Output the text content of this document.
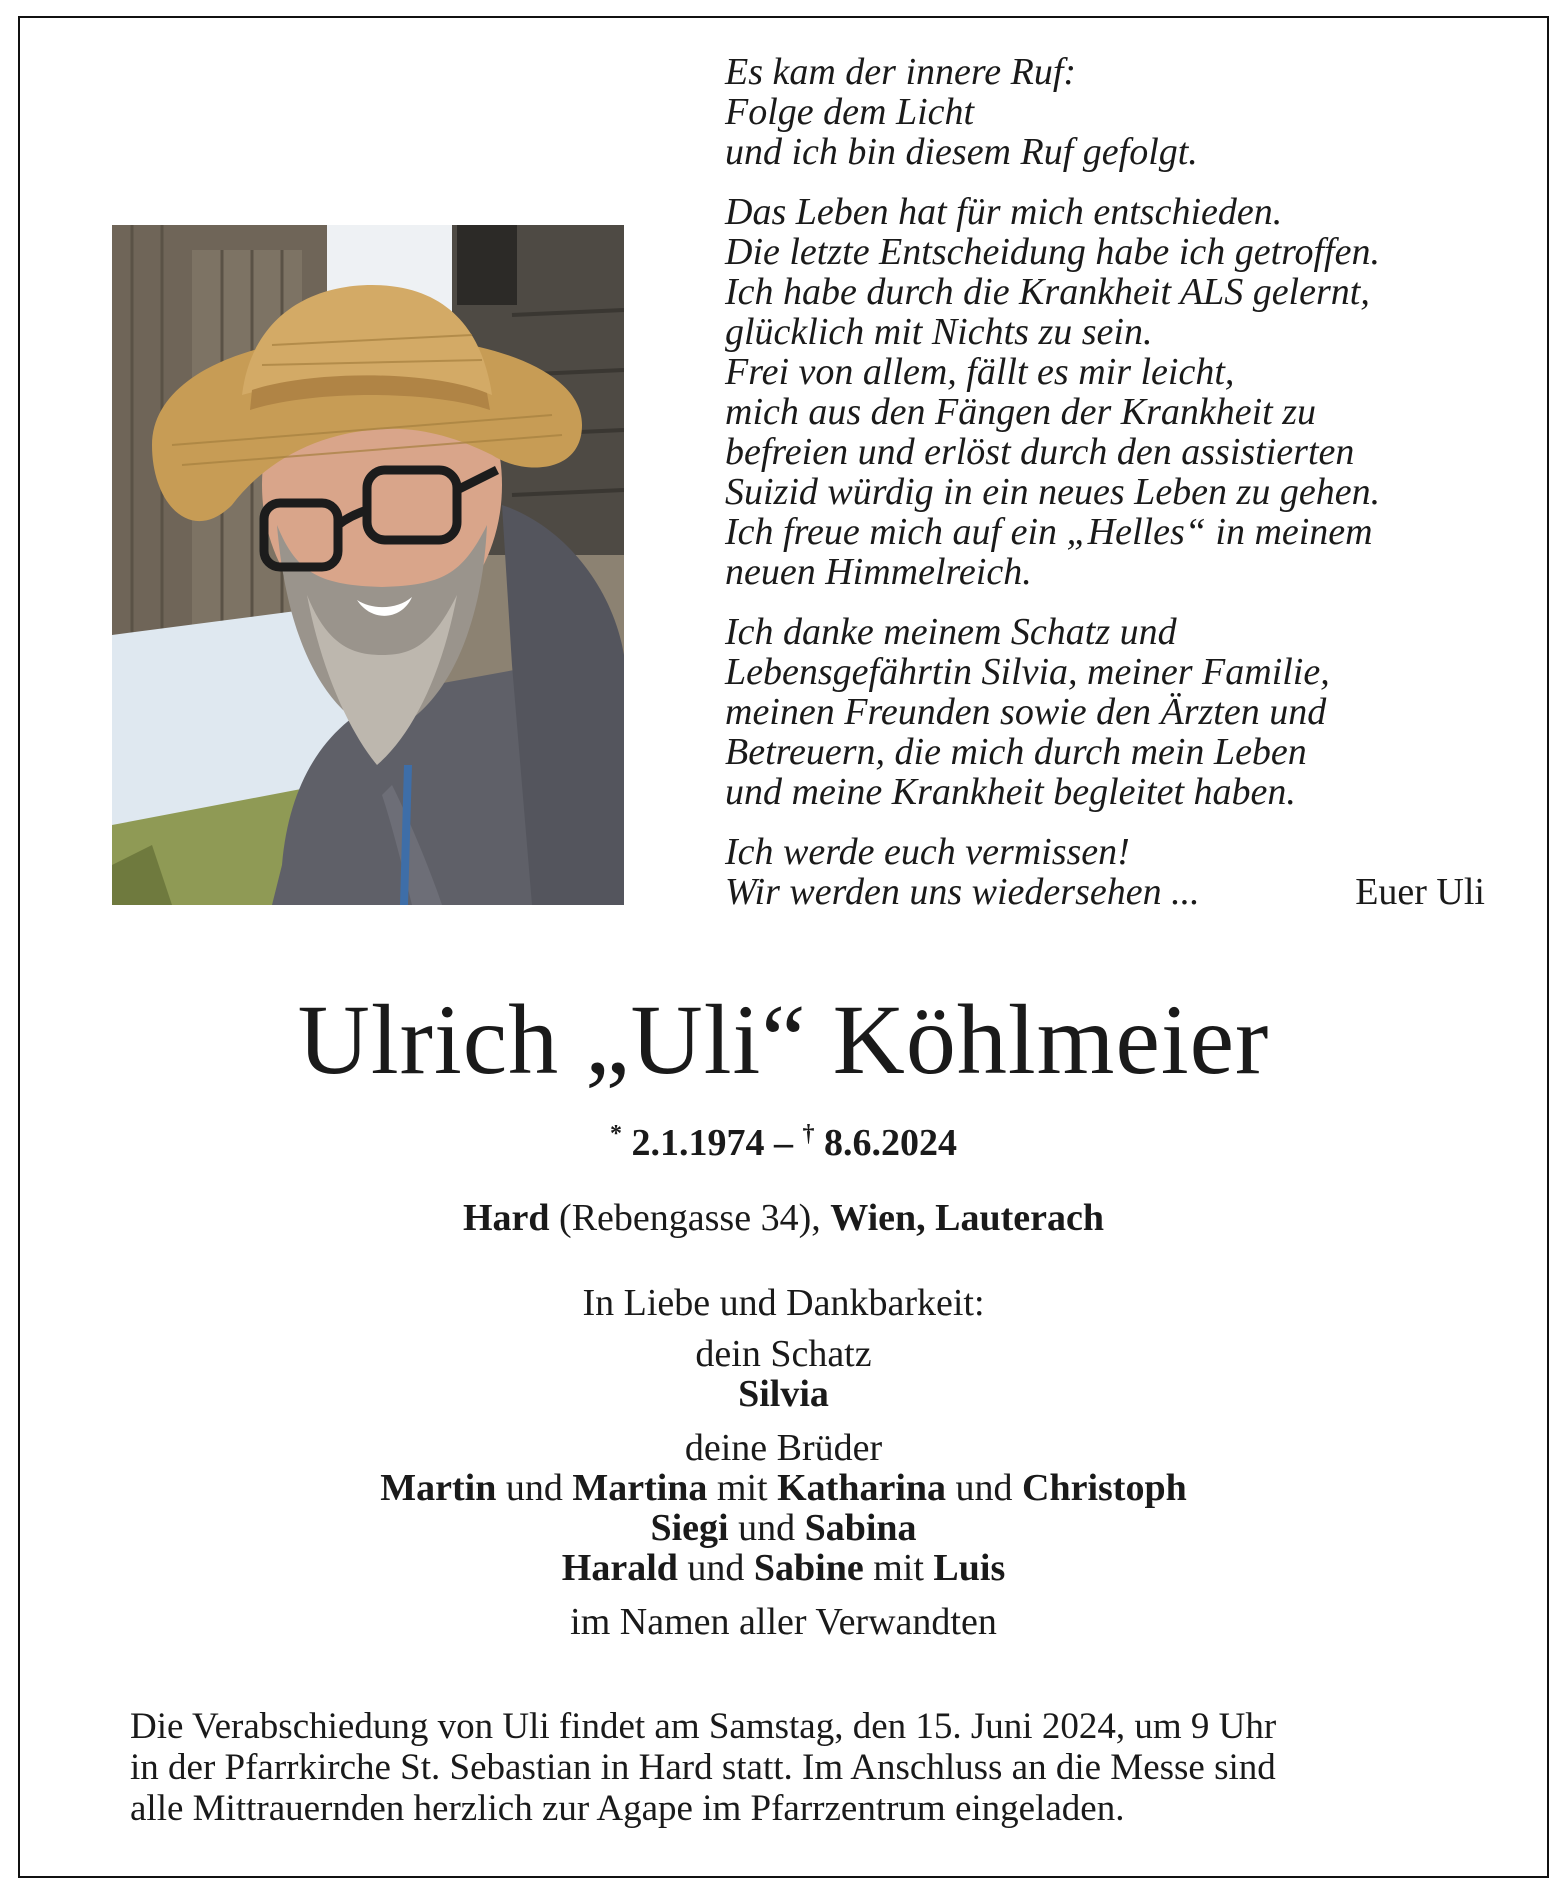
Es kam der innere Ruf:
Folge dem Licht
und ich bin diesem Ruf gefolgt.
Das Leben hat für mich entschieden.
Die letzte Entscheidung habe ich getroffen.
Ich habe durch die Krankheit ALS gelernt,
glücklich mit Nichts zu sein.
Frei von allem, fällt es mir leicht,
mich aus den Fängen der Krankheit zu
befreien und erlöst durch den assistierten
Suizid würdig in ein neues Leben zu gehen.
Ich freue mich auf ein „Helles“ in meinem
neuen Himmelreich.
Ich danke meinem Schatz und
Lebensgefährtin Silvia, meiner Familie,
meinen Freunden sowie den Ärzten und
Betreuern, die mich durch mein Leben
und meine Krankheit begleitet haben.
Ich werde euch vermissen!
Wir werden uns wiedersehen ...	Euer Uli
Ulrich „Uli“ Köhlmeier
* 2.1.1974 – † 8.6.2024
Hard (Rebengasse 34), Wien, Lauterach
In Liebe und Dankbarkeit:
dein Schatz
Silvia
deine Brüder
Martin und Martina mit Katharina und Christoph
Siegi und Sabina
Harald und Sabine mit Luis
im Namen aller Verwandten
Die Verabschiedung von Uli findet am Samstag, den 15. Juni 2024, um 9 Uhr
in der Pfarrkirche St. Sebastian in Hard statt. Im Anschluss an die Messe sind
alle Mittrauernden herzlich zur Agape im Pfarrzentrum eingeladen.
